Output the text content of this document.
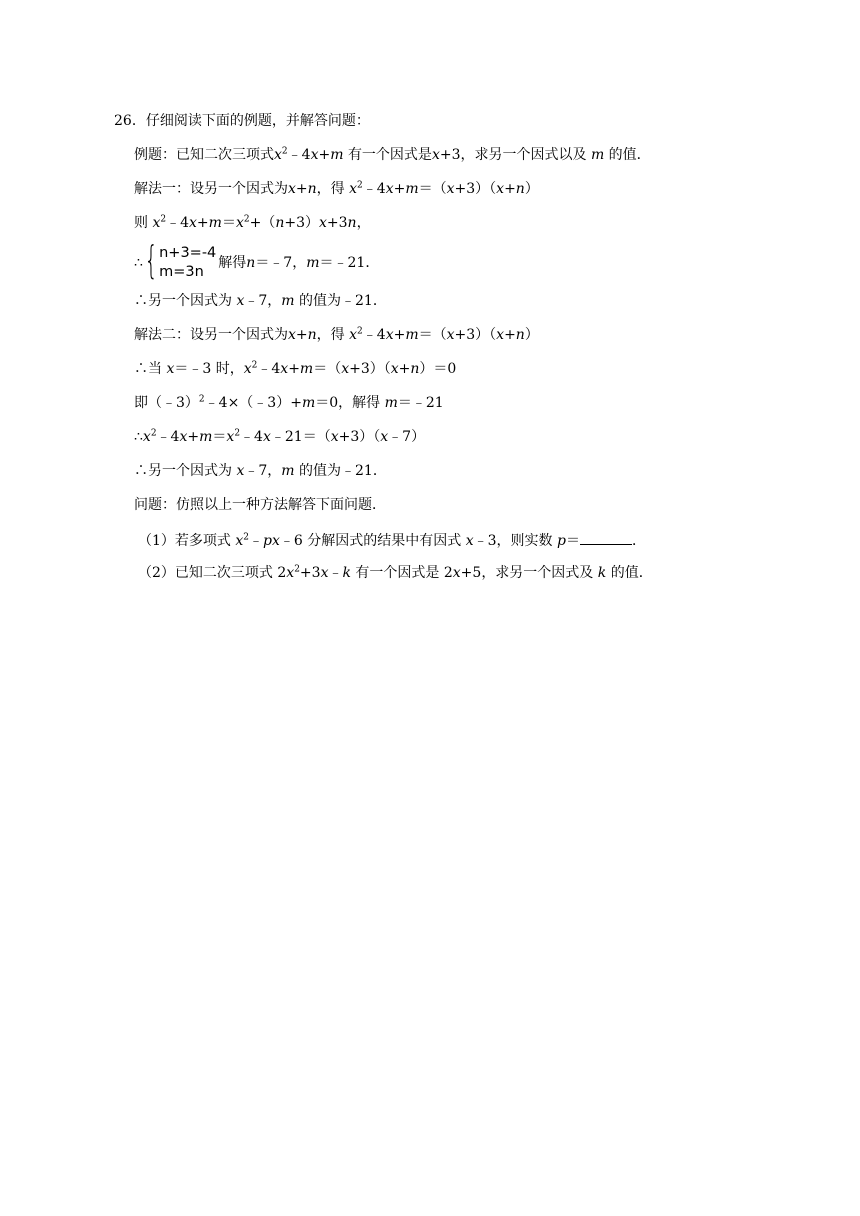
26．仔细阅读下面的例题，并解答问题：
例题：已知二次三项式$x^2﹣4x+m$ 有一个因式是x+3，求另一个因式以及 m 的值．
解法一：设另一个因式为x+n，得 $x^2﹣4x+m=(x+3)(x+n)$
则 $x^2﹣4x+m=x^2+(n+3)x+3n$，
∴{ n+3=-4
m=3n
解得n＝﹣7，m＝﹣21．
∴另一个因式为 x﹣7，m 的值为﹣21．
解法二：设另一个因式为x+n，得 $x^2﹣4x+m=(x+3)(x+n)$
∴当 x＝﹣3 时，$x^2﹣4x+m=(x+3)(x+n)=0$
即（﹣3）$^2$﹣4×（﹣3）+m＝0，解得 m＝﹣21
$\therefore x^2﹣4x+m=x^2﹣4x﹣21=(x+3)(x﹣7)$
∴另一个因式为 x﹣7，m 的值为﹣21．
问题：仿照以上一种方法解答下面问题．
（1）若多项式 $x^2﹣px﹣6$ 分解因式的结果中有因式 x﹣3，则实数 p＝	．
（2）已知二次三项式 $2x^2+3x﹣k$ 有一个因式是 2x+5，求另一个因式及 k 的值．
